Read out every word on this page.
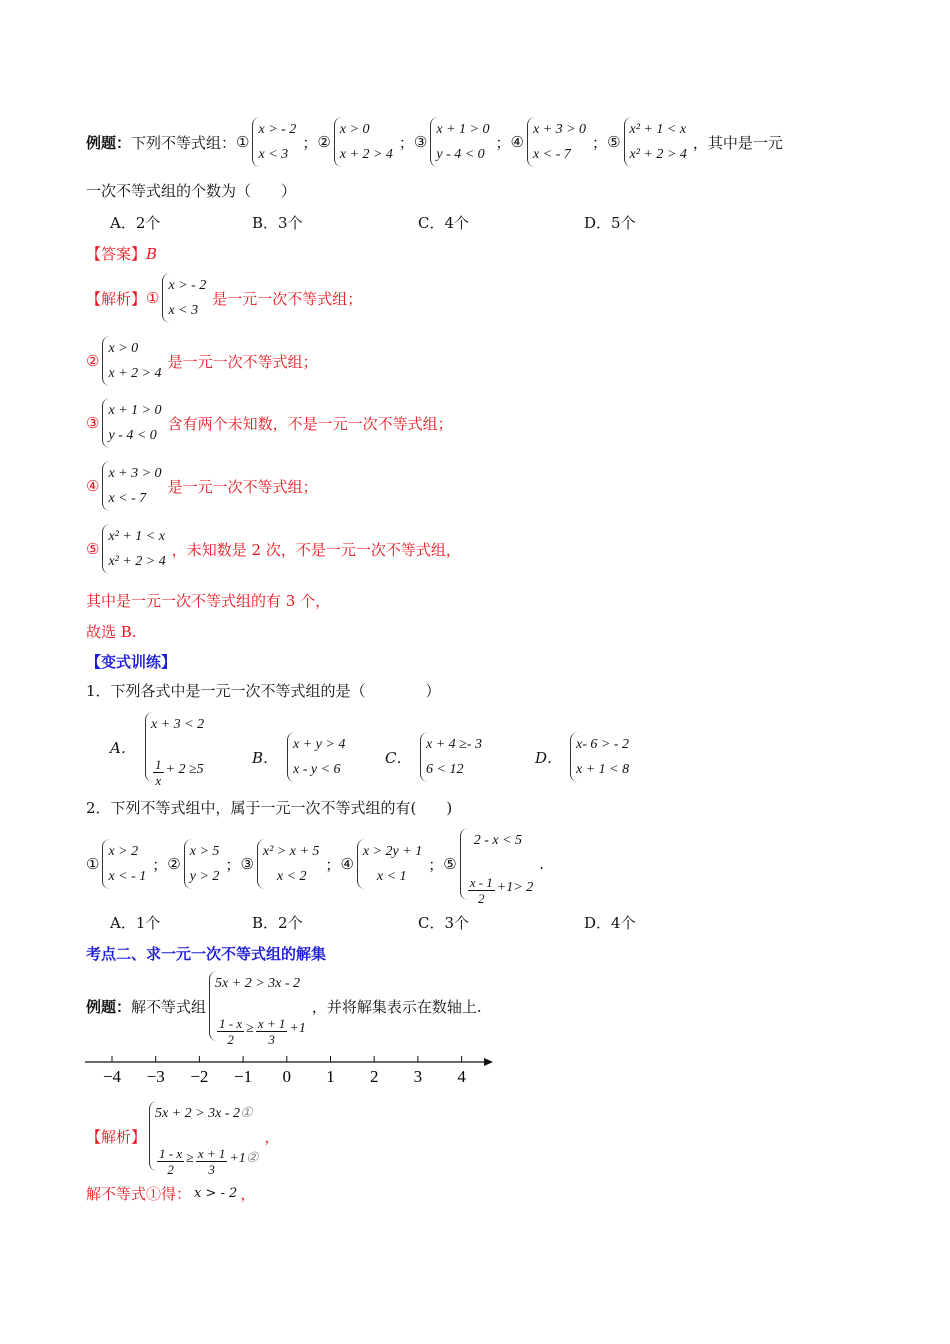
例题： 下列不等式组： ①
x > - 2
x < 3
； ②
x > 0
x + 2 > 4
； ③
x + 1 > 0
y - 4 < 0
； ④
x + 3 > 0
x < - 7
； ⑤
x² + 1 < x
x² + 2 > 4
， 其中是一元
一次不等式组的个数为（　　）
A．2个	B．3个	C．4个	D．5个
【答案】 B
【解析】 ①
x > - 2
x < 3
是一元一次不等式组；
②
x > 0
x + 2 > 4
是一元一次不等式组；
③
x + 1 > 0
y - 4 < 0
含有两个未知数，不是一元一次不等式组；
④
x + 3 > 0
x < - 7
是一元一次不等式组；
⑤
x² + 1 < x
x² + 2 > 4
，未知数是 2 次，不是一元一次不等式组，
其中是一元一次不等式组的有 3 个，
故选 B.
【变式训练】
1．下列各式中是一元一次不等式组的是（　　　　）
A．
x + 3 < 2
$\frac{1}{x} + 2 \ge 5$
B．
x + y > 4
x - y < 6
C．
x + 4 ≥- 3
6 < 12
D．
x- 6 > - 2
x + 1 < 8
2．下列不等式组中，属于一元一次不等式组的有(　　)
①
x > 2
x < - 1
； ②
x > 5
y > 2
； ③
x² > x + 5
x < 2
； ④
x > 2y + 1
x < 1
； ⑤
2 - x < 5
$\frac{x - 1}{2} +1> 2$
.
A．1个	B．2个	C．3个	D．4个
考点二、求一元一次不等式组的解集
例题： 解不等式组
5x + 2 > 3x - 2
$\frac{1 - x}{2} \ge \frac{x + 1}{3} +1$
，并将解集表示在数轴上.
−4 −3 −2 −1 0 1 2 3 4
【解析】
5x + 2 > 3x - 2 ①
$\frac{1 - x}{2} \ge \frac{x + 1}{3} +1$ ②
，
解不等式①得： x > - 2 ，
